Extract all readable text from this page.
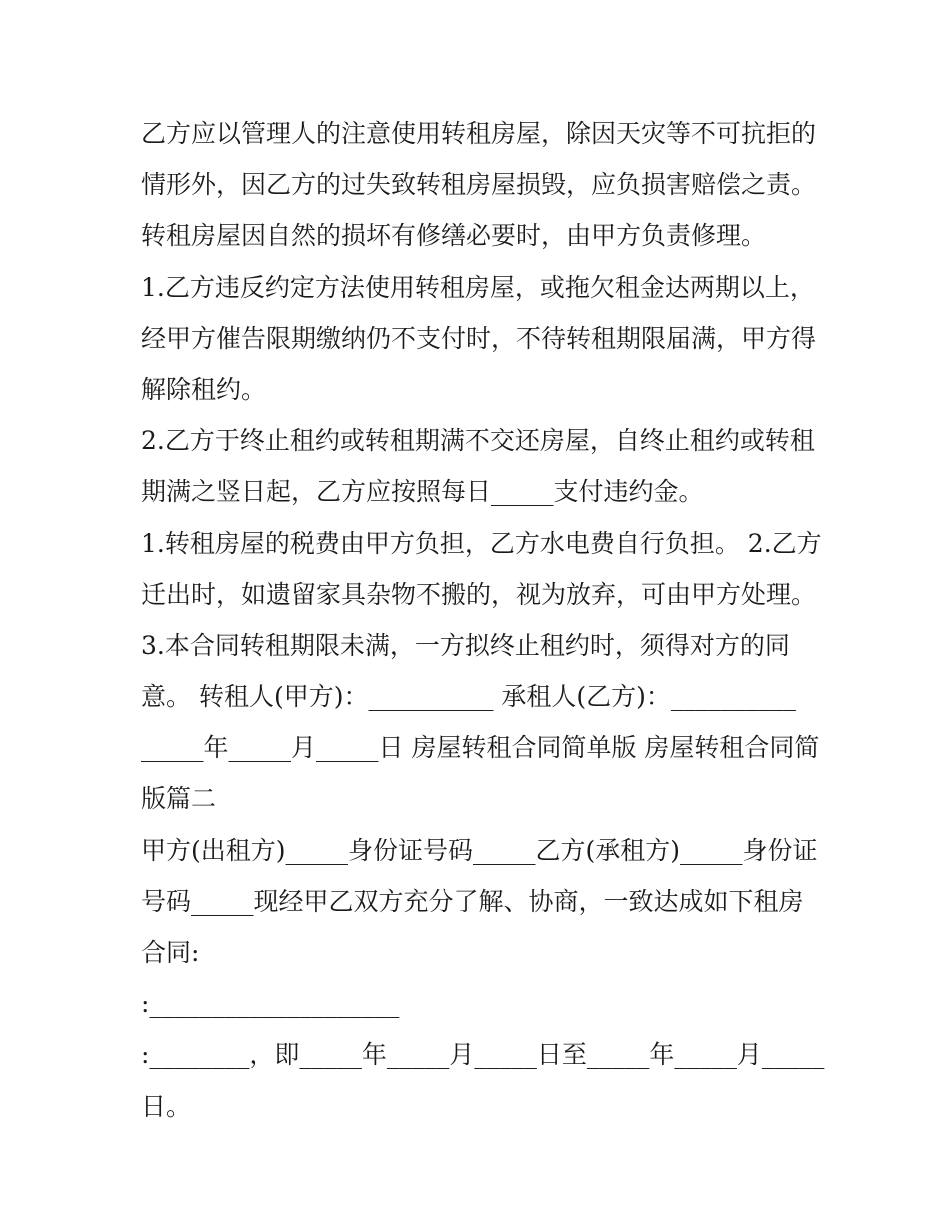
乙方应以管理人的注意使用转租房屋，除因天灾等不可抗拒的
情形外，因乙方的过失致转租房屋损毁，应负损害赔偿之责。
转租房屋因自然的损坏有修缮必要时，由甲方负责修理。
1.乙方违反约定方法使用转租房屋，或拖欠租金达两期以上，
经甲方催告限期缴纳仍不支付时，不待转租期限届满，甲方得
解除租约。
2.乙方于终止租约或转租期满不交还房屋，自终止租约或转租
期满之竖日起，乙方应按照每日_____支付违约金。
1.转租房屋的税费由甲方负担，乙方水电费自行负担。 2.乙方
迁出时，如遗留家具杂物不搬的，视为放弃，可由甲方处理。
3.本合同转租期限未满，一方拟终止租约时，须得对方的同
意。 转租人(甲方)：__________ 承租人(乙方)：__________
_____年_____月_____日 房屋转租合同简单版 房屋转租合同简
版篇二
甲方(出租方)_____身份证号码_____乙方(承租方)_____身份证
号码_____现经甲乙双方充分了解、协商，一致达成如下租房
合同:
:____________________
:________，即_____年_____月_____日至_____年_____月_____
日。
